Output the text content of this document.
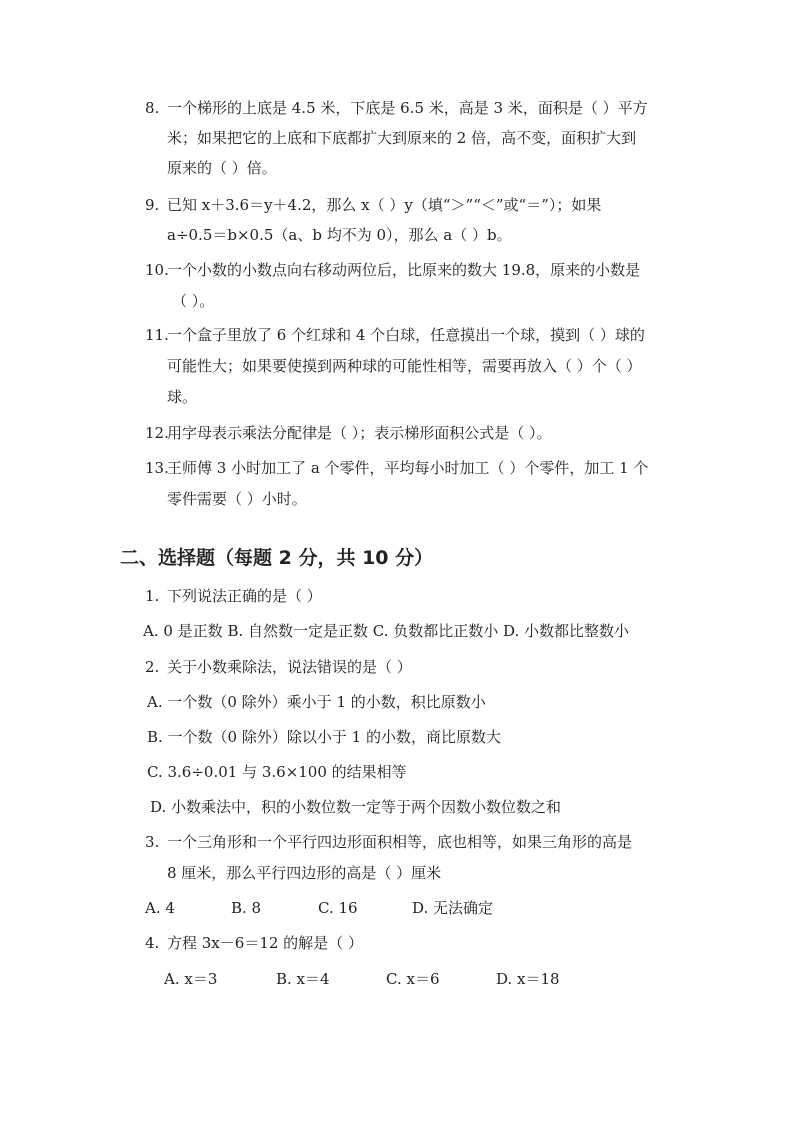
8. 一个梯形的上底是 4.5 米，下底是 6.5 米，高是 3 米，面积是（ ）平方
米；如果把它的上底和下底都扩大到原来的 2 倍，高不变，面积扩大到
原来的（ ）倍。
9. 已知 x＋3.6＝y＋4.2，那么 x（ ）y（填“＞”“＜”或“＝”）；如果
a÷0.5＝b×0.5（a、b 均不为 0），那么 a（ ）b。
10.
一个小数的小数点向右移动两位后，比原来的数大 19.8，原来的小数是
（ ）。
11.
一个盒子里放了 6 个红球和 4 个白球，任意摸出一个球，摸到（ ）球的
可能性大；如果要使摸到两种球的可能性相等，需要再放入（ ）个（ ）
球。
12.
用字母表示乘法分配律是（ ）；表示梯形面积公式是（ ）。
13.
王师傅 3 小时加工了 a 个零件，平均每小时加工（ ）个零件，加工 1 个
零件需要（ ）小时。
二、选择题（每题 2 分，共 10 分）
1. 下列说法正确的是（ ）
A. 0 是正数 B. 自然数一定是正数 C. 负数都比正数小 D. 小数都比整数小
2. 关于小数乘除法，说法错误的是（ ）
A. 一个数（0 除外）乘小于 1 的小数，积比原数小
B. 一个数（0 除外）除以小于 1 的小数，商比原数大
C. 3.6÷0.01 与 3.6×100 的结果相等
D. 小数乘法中，积的小数位数一定等于两个因数小数位数之和
3. 一个三角形和一个平行四边形面积相等，底也相等，如果三角形的高是
8 厘米，那么平行四边形的高是（ ）厘米
A. 4	B. 8	C. 16	D. 无法确定
4. 方程 3x－6＝12 的解是（ ）
A. x＝3	B. x＝4	C. x＝6	D. x＝18
